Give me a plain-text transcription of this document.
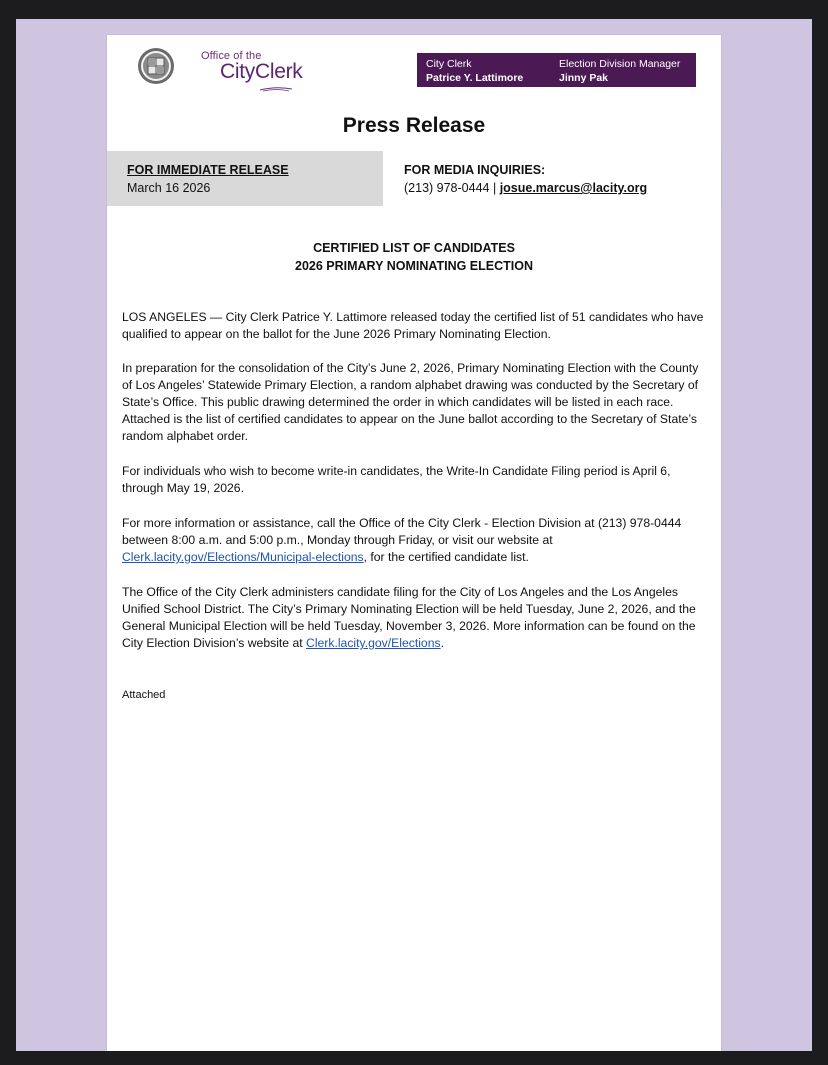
Office of the
CityClerk	City Clerk
Patrice Y. Lattimore
Election Division Manager
Jinny Pak
Press Release
FOR IMMEDIATE RELEASE
March 16 2026
FOR MEDIA INQUIRIES:
(213) 978-0444 | josue.marcus@lacity.org
CERTIFIED LIST OF CANDIDATES
2026 PRIMARY NOMINATING ELECTION
LOS ANGELES — City Clerk Patrice Y. Lattimore released today the certified list of 51 candidates who have qualified to appear on the ballot for the June 2026 Primary Nominating Election.
In preparation for the consolidation of the City’s June 2, 2026, Primary Nominating Election with the County of Los Angeles’ Statewide Primary Election, a random alphabet drawing was conducted by the Secretary of State’s Office. This public drawing determined the order in which candidates will be listed in each race. Attached is the list of certified candidates to appear on the June ballot according to the Secretary of State’s random alphabet order.
For individuals who wish to become write-in candidates, the Write-In Candidate Filing period is April 6, through May 19, 2026.
For more information or assistance, call the Office of the City Clerk - Election Division at (213) 978-0444 between 8:00 a.m. and 5:00 p.m., Monday through Friday, or visit our website at Clerk.lacity.gov/Elections/Municipal-elections, for the certified candidate list.
The Office of the City Clerk administers candidate filing for the City of Los Angeles and the Los Angeles Unified School District. The City’s Primary Nominating Election will be held Tuesday, June 2, 2026, and the General Municipal Election will be held Tuesday, November 3, 2026. More information can be found on the City Election Division’s website at Clerk.lacity.gov/Elections.
Attached
